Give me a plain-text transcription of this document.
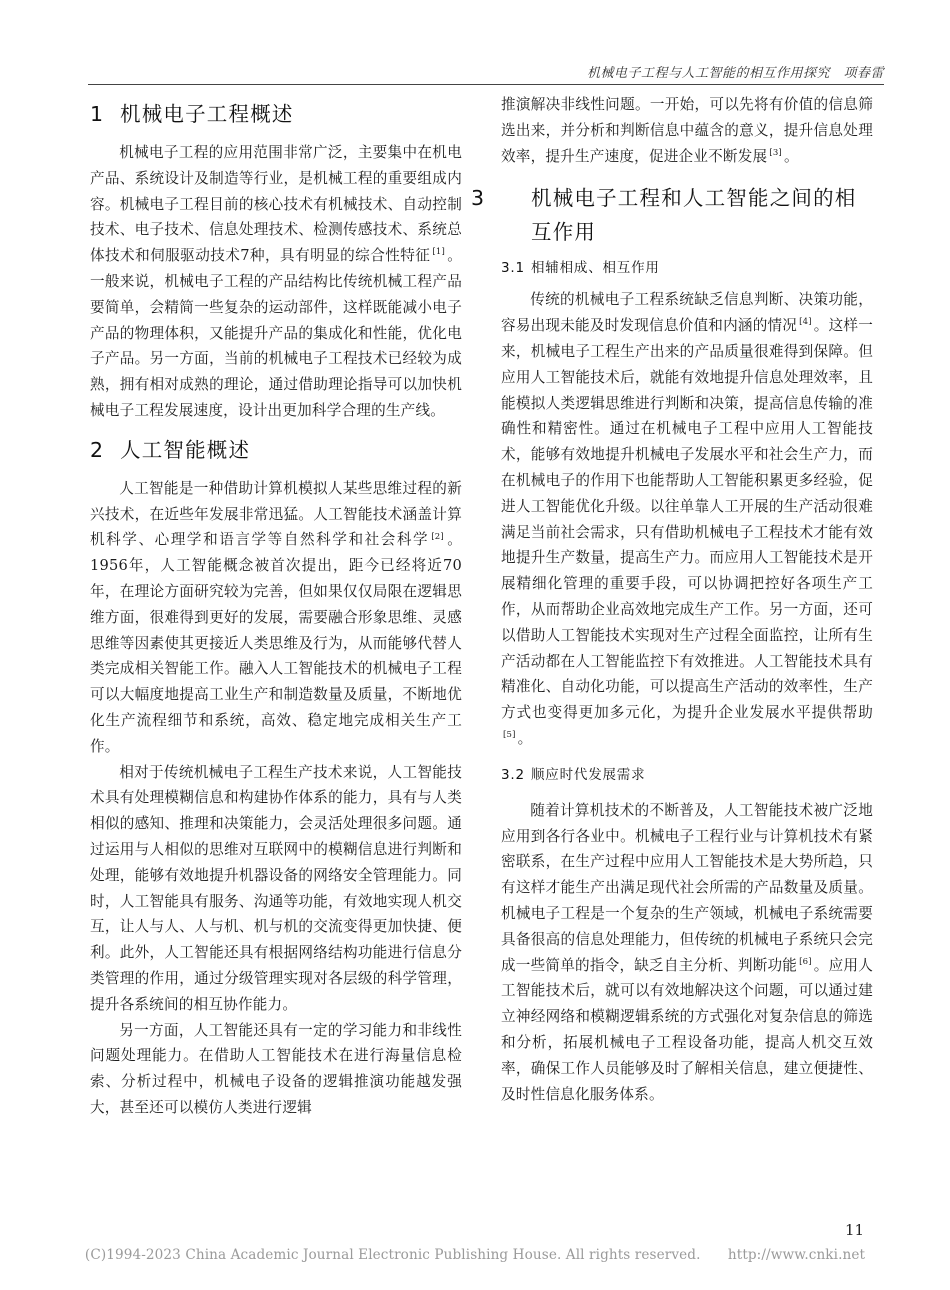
机械电子工程与人工智能的相互作用探究　项春雷
1 机械电子工程概述

机械电子工程的应用范围非常广泛，主要集中在机电产品、系统设计及制造等行业，是机械工程的重要组成内容。机械电子工程目前的核心技术有机械技术、自动控制技术、电子技术、信息处理技术、检测传感技术、系统总体技术和伺服驱动技术7种，具有明显的综合性特征 [1] 。一般来说，机械电子工程的产品结构比传统机械工程产品要简单，会精简一些复杂的运动部件，这样既能减小电子产品的物理体积，又能提升产品的集成化和性能，优化电子产品。另一方面，当前的机械电子工程技术已经较为成熟，拥有相对成熟的理论，通过借助理论指导可以加快机械电子工程发展速度，设计出更加科学合理的生产线。

2 人工智能概述

人工智能是一种借助计算机模拟人某些思维过程的新兴技术，在近些年发展非常迅猛。人工智能技术涵盖计算机科学、心理学和语言学等自然科学和社会科学 [2] 。1956年，人工智能概念被首次提出，距今已经将近70年，在理论方面研究较为完善，但如果仅仅局限在逻辑思维方面，很难得到更好的发展，需要融合形象思维、灵感思维等因素使其更接近人类思维及行为，从而能够代替人类完成相关智能工作。融入人工智能技术的机械电子工程可以大幅度地提高工业生产和制造数量及质量，不断地优化生产流程细节和系统，高效、稳定地完成相关生产工作。

相对于传统机械电子工程生产技术来说，人工智能技术具有处理模糊信息和构建协作体系的能力，具有与人类相似的感知、推理和决策能力，会灵活处理很多问题。通过运用与人相似的思维对互联网中的模糊信息进行判断和处理，能够有效地提升机器设备的网络安全管理能力。同时，人工智能具有服务、沟通等功能，有效地实现人机交互，让人与人、人与机、机与机的交流变得更加快捷、便利。此外，人工智能还具有根据网络结构功能进行信息分类管理的作用，通过分级管理实现对各层级的科学管理，提升各系统间的相互协作能力。

另一方面，人工智能还具有一定的学习能力和非线性问题处理能力。在借助人工智能技术在进行海量信息检索、分析过程中，机械电子设备的逻辑推演功能越发强大，甚至还可以模仿人类进行逻辑

推演解决非线性问题。一开始，可以先将有价值的信息筛选出来，并分析和判断信息中蕴含的意义，提升信息处理效率，提升生产速度，促进企业不断发展 [3] 。

3 机械电子工程和人工智能之间的相互作用
3.1 相辅相成、相互作用

传统的机械电子工程系统缺乏信息判断、决策功能，容易出现未能及时发现信息价值和内涵的情况 [4] 。这样一来，机械电子工程生产出来的产品质量很难得到保障。但应用人工智能技术后，就能有效地提升信息处理效率，且能模拟人类逻辑思维进行判断和决策，提高信息传输的准确性和精密性。通过在机械电子工程中应用人工智能技术，能够有效地提升机械电子发展水平和社会生产力，而在机械电子的作用下也能帮助人工智能积累更多经验，促进人工智能优化升级。以往单靠人工开展的生产活动很难满足当前社会需求，只有借助机械电子工程技术才能有效地提升生产数量，提高生产力。而应用人工智能技术是开展精细化管理的重要手段，可以协调把控好各项生产工作，从而帮助企业高效地完成生产工作。另一方面，还可以借助人工智能技术实现对生产过程全面监控，让所有生产活动都在人工智能监控下有效推进。人工智能技术具有精准化、自动化功能，可以提高生产活动的效率性，生产方式也变得更加多元化，为提升企业发展水平提供帮助[5] 。

3.2 顺应时代发展需求

随着计算机技术的不断普及，人工智能技术被广泛地应用到各行各业中。机械电子工程行业与计算机技术有紧密联系，在生产过程中应用人工智能技术是大势所趋，只有这样才能生产出满足现代社会所需的产品数量及质量。机械电子工程是一个复杂的生产领域，机械电子系统需要具备很高的信息处理能力，但传统的机械电子系统只会完成一些简单的指令，缺乏自主分析、判断功能 [6] 。应用人工智能技术后，就可以有效地解决这个问题，可以通过建立神经网络和模糊逻辑系统的方式强化对复杂信息的筛选和分析，拓展机械电子工程设备功能，提高人机交互效率，确保工作人员能够及时了解相关信息，建立便捷性、及时性信息化服务体系。

11
(C)1994-2023 China Academic Journal Electronic Publishing House. All rights reserved.　　http://www.cnki.net
